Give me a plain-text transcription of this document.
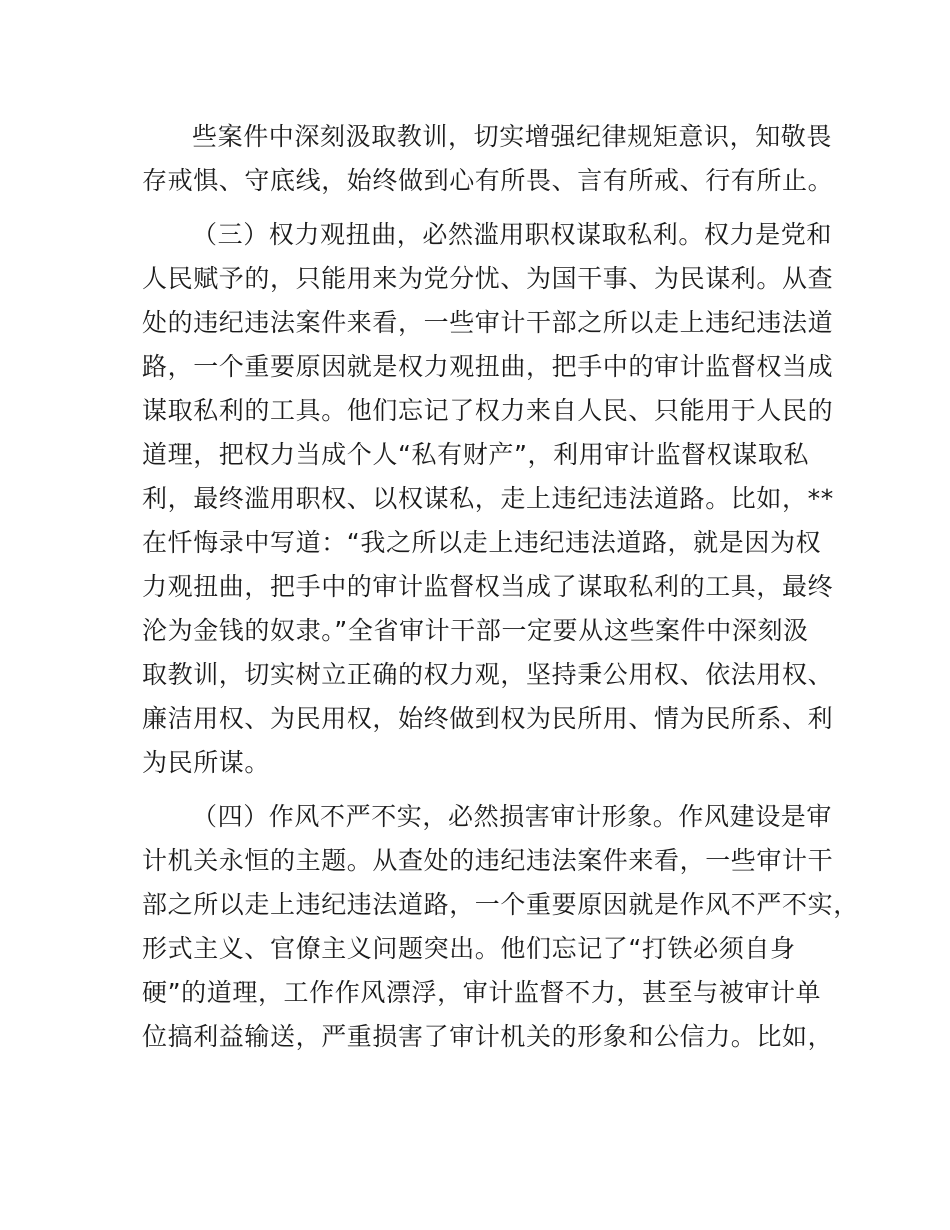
些案件中深刻汲取教训，切实增强纪律规矩意识，知敬畏

存戒惧、守底线，始终做到心有所畏、言有所戒、行有所止。

（三）权力观扭曲，必然滥用职权谋取私利。权力是党和

人民赋予的，只能用来为党分忧、为国干事、为民谋利。从查

处的违纪违法案件来看，一些审计干部之所以走上违纪违法道

路，一个重要原因就是权力观扭曲，把手中的审计监督权当成

谋取私利的工具。他们忘记了权力来自人民、只能用于人民的

道理，把权力当成个人“私有财产”，利用审计监督权谋取私

利，最终滥用职权、以权谋私，走上违纪违法道路。比如，**

在忏悔录中写道：“我之所以走上违纪违法道路，就是因为权

力观扭曲，把手中的审计监督权当成了谋取私利的工具，最终

沦为金钱的奴隶。”全省审计干部一定要从这些案件中深刻汲

取教训，切实树立正确的权力观，坚持秉公用权、依法用权、

廉洁用权、为民用权，始终做到权为民所用、情为民所系、利

为民所谋。

（四）作风不严不实，必然损害审计形象。作风建设是审

计机关永恒的主题。从查处的违纪违法案件来看，一些审计干

部之所以走上违纪违法道路，一个重要原因就是作风不严不实，

形式主义、官僚主义问题突出。他们忘记了“打铁必须自身

硬”的道理，工作作风漂浮，审计监督不力，甚至与被审计单

位搞利益输送，严重损害了审计机关的形象和公信力。比如，
